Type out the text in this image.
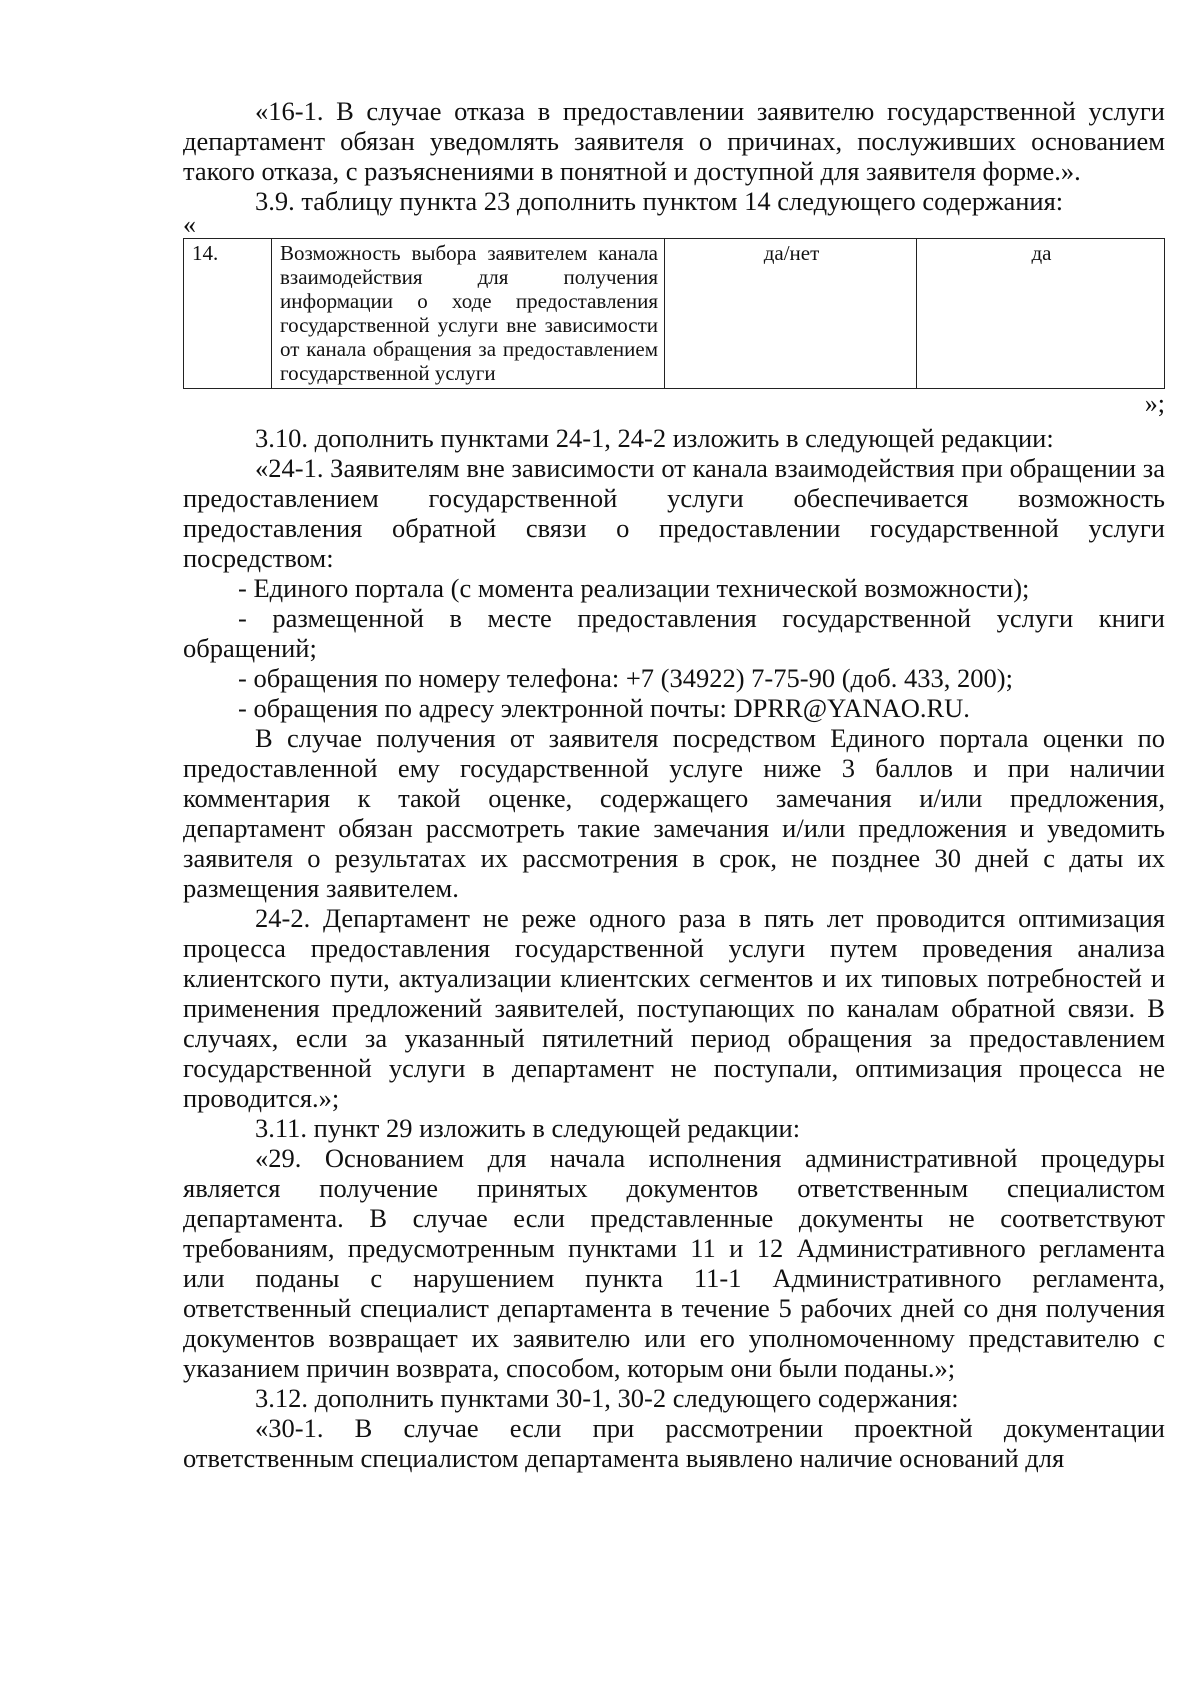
«16-1. В случае отказа в предоставлении заявителю государственной услуги департамент обязан уведомлять заявителя о причинах, послуживших основанием такого отказа, с разъяснениями в понятной и доступной для заявителя форме.».

3.9. таблицу пункта 23 дополнить пунктом 14 следующего содержания:

«

14.	Возможность выбора заявителем канала взаимодействия для получения информации о ходе предоставления государственной услуги вне зависимости от канала обращения за предоставлением государственной услуги	да/нет	да

»;

3.10. дополнить пунктами 24-1, 24-2 изложить в следующей редакции:

«24-1. Заявителям вне зависимости от канала взаимодействия при обращении за предоставлением государственной услуги обеспечивается возможность предоставления обратной связи о предоставлении государственной услуги посредством:

- Единого портала (с момента реализации технической возможности);

- размещенной в месте предоставления государственной услуги книги обращений;

- обращения по номеру телефона: +7 (34922) 7-75-90 (доб. 433, 200);

- обращения по адресу электронной почты: DPRR@YANAO.RU.

В случае получения от заявителя посредством Единого портала оценки по предоставленной ему государственной услуге ниже 3 баллов и при наличии комментария к такой оценке, содержащего замечания и/или предложения, департамент обязан рассмотреть такие замечания и/или предложения и уведомить заявителя о результатах их рассмотрения в срок, не позднее 30 дней с даты их размещения заявителем.

24-2. Департамент не реже одного раза в пять лет проводится оптимизация процесса предоставления государственной услуги путем проведения анализа клиентского пути, актуализации клиентских сегментов и их типовых потребностей и применения предложений заявителей, поступающих по каналам обратной связи. В случаях, если за указанный пятилетний период обращения за предоставлением государственной услуги в департамент не поступали, оптимизация процесса не проводится.»;

3.11. пункт 29 изложить в следующей редакции:

«29. Основанием для начала исполнения административной процедуры является получение принятых документов ответственным специалистом департамента. В случае если представленные документы не соответствуют требованиям, предусмотренным пунктами 11 и 12 Административного регламента или поданы с нарушением пункта 11-1 Административного регламента, ответственный специалист департамента в течение 5 рабочих дней со дня получения документов возвращает их заявителю или его уполномоченному представителю с указанием причин возврата, способом, которым они были поданы.»;

3.12. дополнить пунктами 30-1, 30-2 следующего содержания:

«30-1. В случае если при рассмотрении проектной документации ответственным специалистом департамента выявлено наличие оснований для
